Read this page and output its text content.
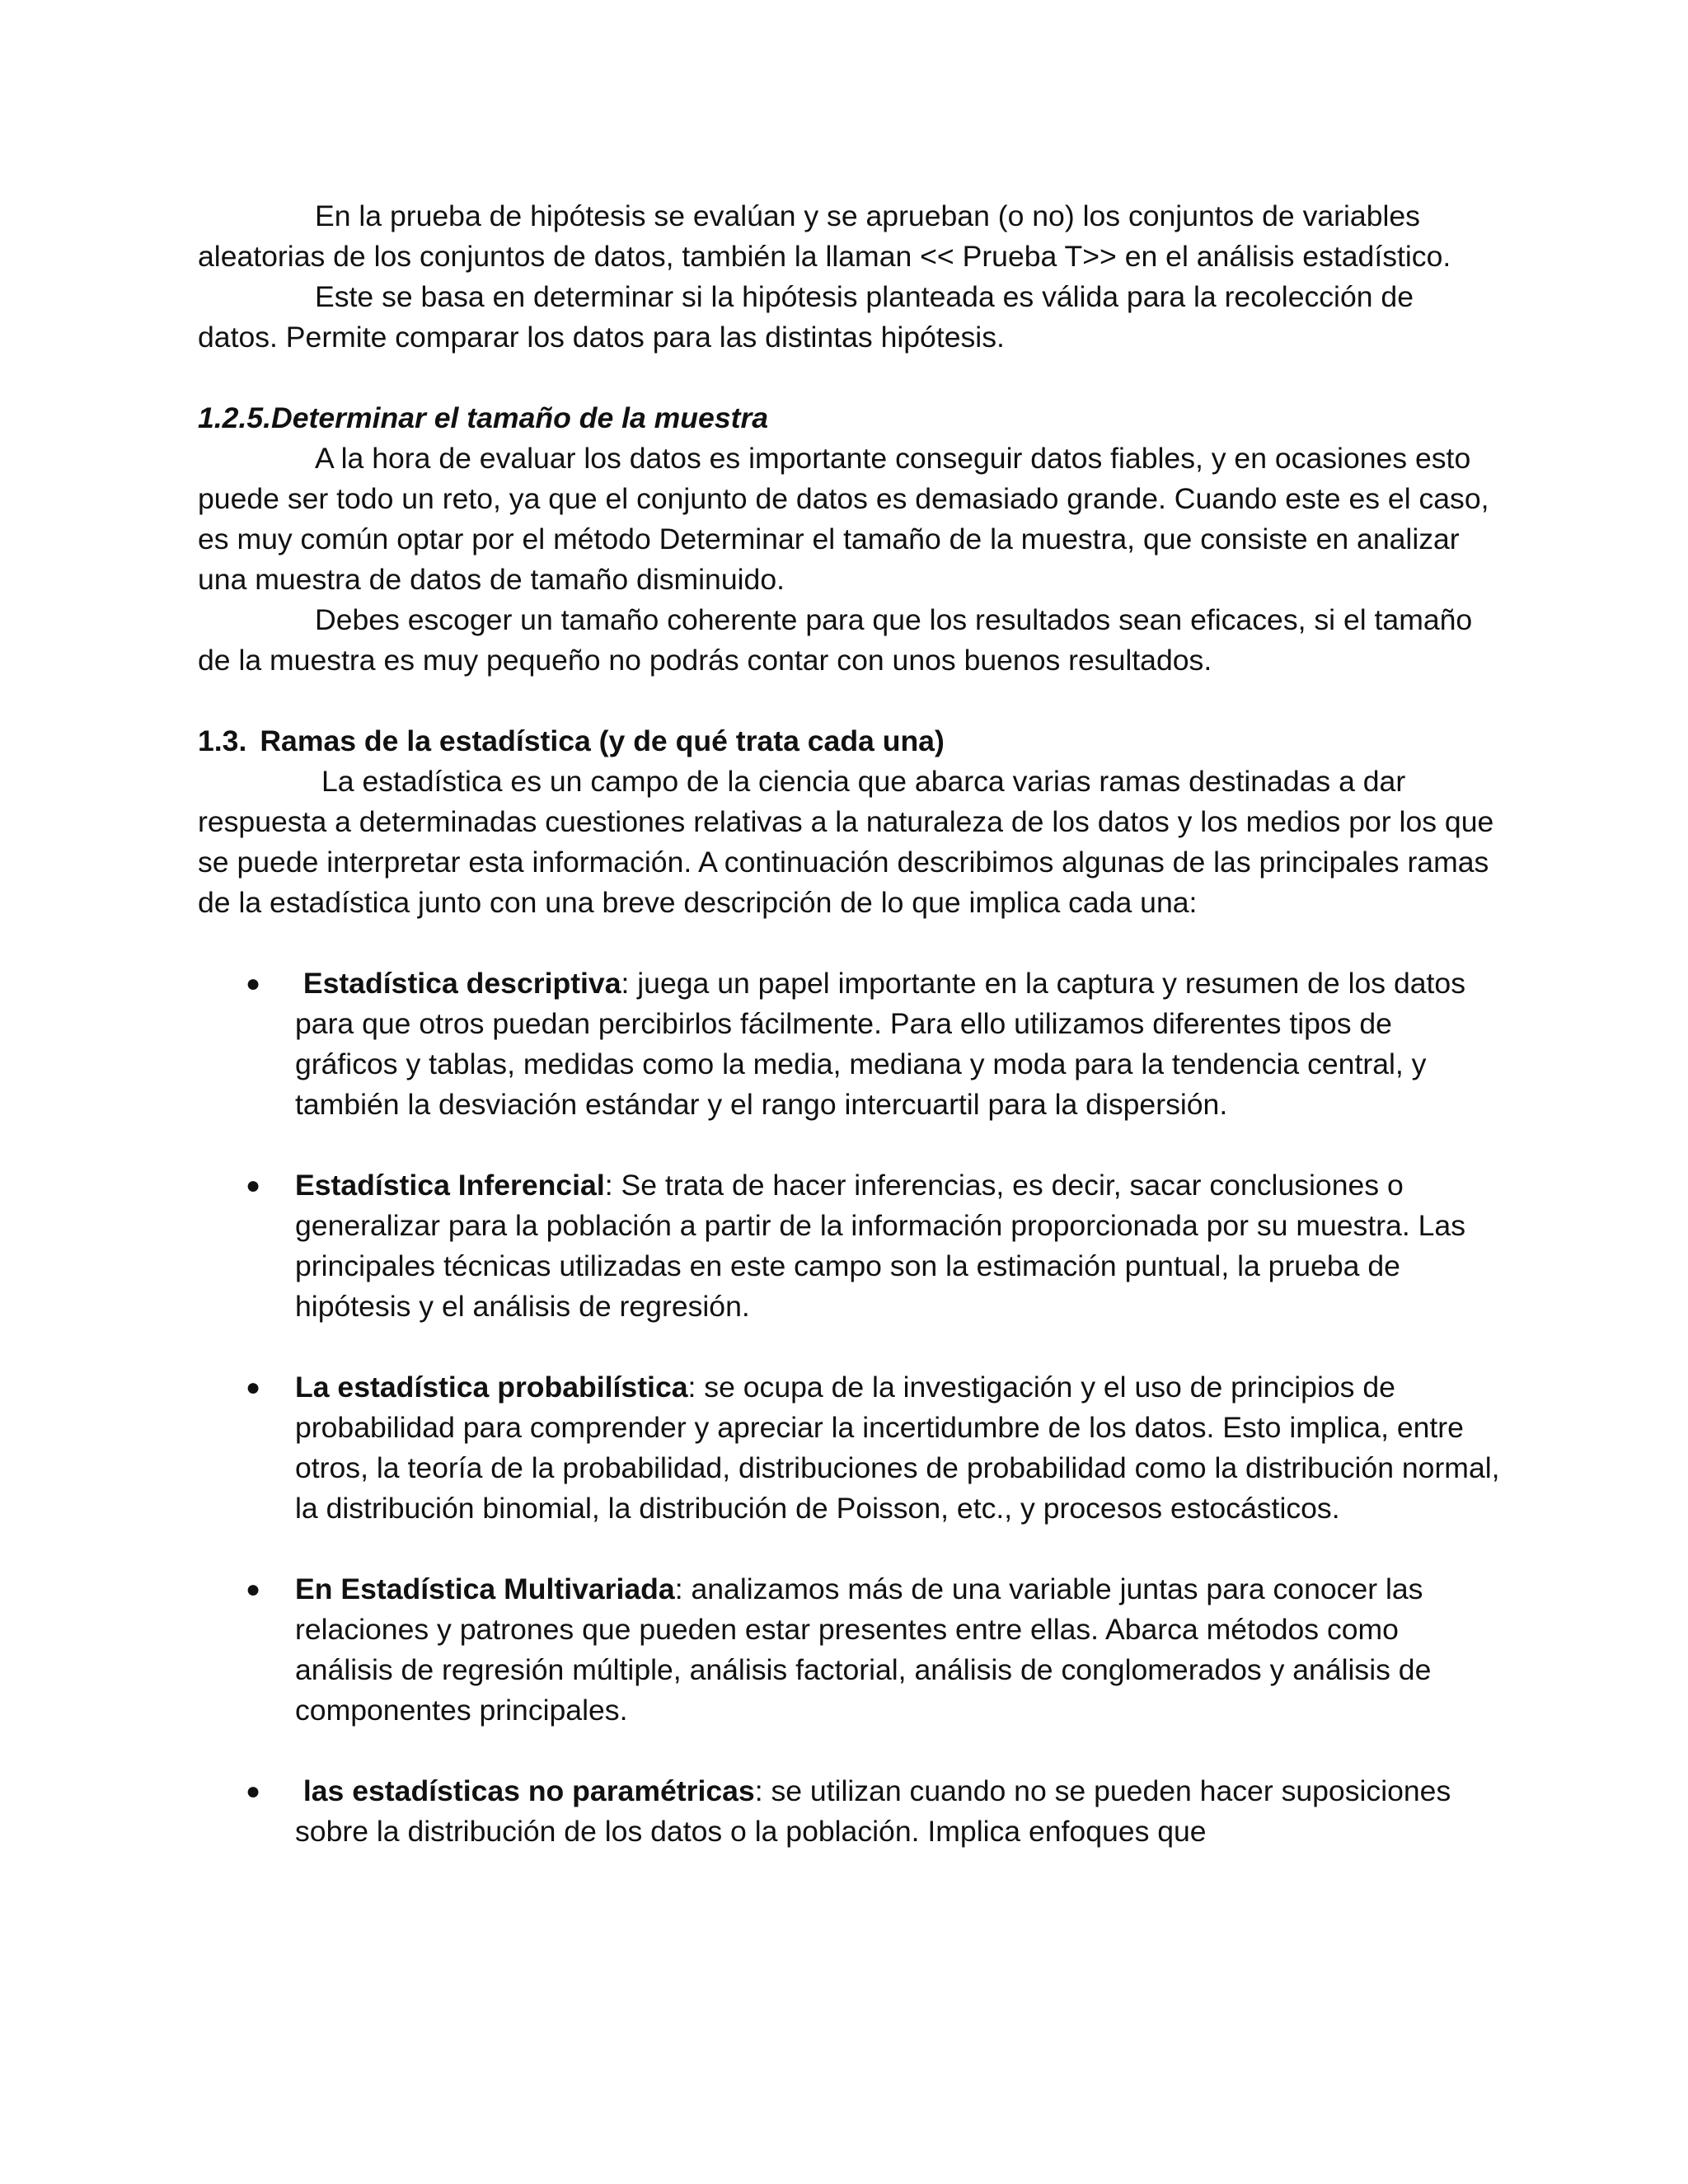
En la prueba de hipótesis se evalúan y se aprueban (o no) los conjuntos de variables aleatorias de los conjuntos de datos, también la llaman << Prueba T>> en el análisis estadístico.

Este se basa en determinar si la hipótesis planteada es válida para la recolección de datos. Permite comparar los datos para las distintas hipótesis.

1.2.5.Determinar el tamaño de la muestra

A la hora de evaluar los datos es importante conseguir datos fiables, y en ocasiones esto puede ser todo un reto, ya que el conjunto de datos es demasiado grande. Cuando este es el caso, es muy común optar por el método Determinar el tamaño de la muestra, que consiste en analizar una muestra de datos de tamaño disminuido.

Debes escoger un tamaño coherente para que los resultados sean eficaces, si el tamaño de la muestra es muy pequeño no podrás contar con unos buenos resultados.

1.3. Ramas de la estadística (y de qué trata cada una)

La estadística es un campo de la ciencia que abarca varias ramas destinadas a dar respuesta a determinadas cuestiones relativas a la naturaleza de los datos y los medios por los que se puede interpretar esta información. A continuación describimos algunas de las principales ramas de la estadística junto con una breve descripción de lo que implica cada una:

● Estadística descriptiva: juega un papel importante en la captura y resumen de los datos para que otros puedan percibirlos fácilmente. Para ello utilizamos diferentes tipos de gráficos y tablas, medidas como la media, mediana y moda para la tendencia central, y también la desviación estándar y el rango intercuartil para la dispersión.
● Estadística Inferencial: Se trata de hacer inferencias, es decir, sacar conclusiones o generalizar para la población a partir de la información proporcionada por su muestra. Las principales técnicas utilizadas en este campo son la estimación puntual, la prueba de hipótesis y el análisis de regresión.
● La estadística probabilística: se ocupa de la investigación y el uso de principios de probabilidad para comprender y apreciar la incertidumbre de los datos. Esto implica, entre otros, la teoría de la probabilidad, distribuciones de probabilidad como la distribución normal, la distribución binomial, la distribución de Poisson, etc., y procesos estocásticos.
● En Estadística Multivariada: analizamos más de una variable juntas para conocer las relaciones y patrones que pueden estar presentes entre ellas. Abarca métodos como análisis de regresión múltiple, análisis factorial, análisis de conglomerados y análisis de componentes principales.
● las estadísticas no paramétricas: se utilizan cuando no se pueden hacer suposiciones sobre la distribución de los datos o la población. Implica enfoques que
